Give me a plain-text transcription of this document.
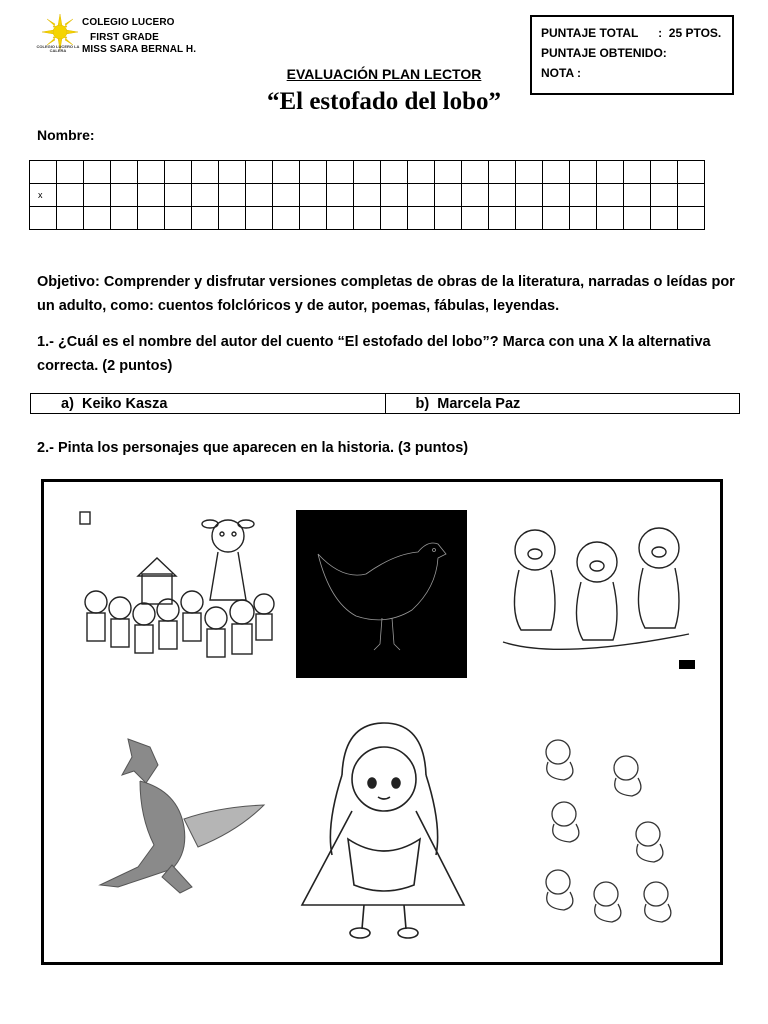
COLEGIO LUCERO LA CALERA
COLEGIO LUCERO
FIRST GRADE
MISS SARA BERNAL H.
PUNTAJE TOTAL      :  25 PTOS.
PUNTAJE OBTENIDO:
NOTA :
EVALUACIÓN PLAN LECTOR
“El estofado del lobo”
Nombre:

x																								

Objetivo: Comprender y disfrutar versiones completas de obras de la literatura, narradas o leídas por un adulto, como: cuentos folclóricos y de autor, poemas, fábulas, leyendas.
1.- ¿Cuál es el nombre del autor del cuento “El estofado del lobo”? Marca con una X la alternativa correcta. (2 puntos)
a) Keiko Kasza	b) Marcela Paz
2.- Pinta los personajes que aparecen en la historia. (3 puntos)
